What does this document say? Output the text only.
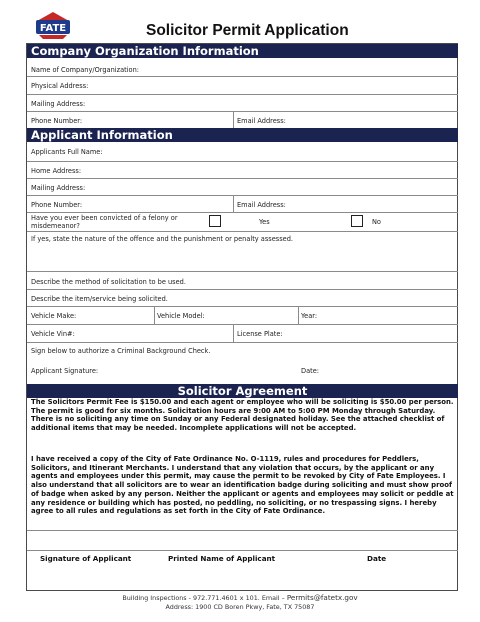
FATE	Solicitor Permit Application
Company Organization Information
Name of Company/Organization:
Physical Address:
Mailing Address:
Phone Number:	Email Address:
Applicant Information
Applicants Full Name:
Home Address:
Mailing Address:
Phone Number:	Email Address:
Have you ever been convicted of a felony or
misdemeanor?	Yes	No
If yes, state the nature of the offence and the punishment or penalty assessed.
Describe the method of solicitation to be used.
Describe the item/service being solicited.
Vehicle Make:	Vehicle Model:	Year:
Vehicle Vin#:	License Plate:
Sign below to authorize a Criminal Background Check.
Applicant Signature:	Date:
Solicitor Agreement
The Solicitors Permit Fee is $150.00 and each agent or employee who will be soliciting is $50.00 per person. The permit is good for six months. Solicitation hours are 9:00 AM to 5:00 PM Monday through Saturday. There is no soliciting any time on Sunday or any Federal designated holiday. See the attached checklist of additional items that may be needed. Incomplete applications will not be accepted.
I have received a copy of the City of Fate Ordinance No. O-1119, rules and procedures for Peddlers, Solicitors, and Itinerant Merchants. I understand that any violation that occurs, by the applicant or any agents and employees under this permit, may cause the permit to be revoked by City of Fate Employees. I also understand that all solicitors are to wear an identification badge during soliciting and must show proof of badge when asked by any person. Neither the applicant or agents and employees may solicit or peddle at any residence or building which has posted, no peddling, no soliciting, or no trespassing signs. I hereby agree to all rules and regulations as set forth in the City of Fate Ordinance.
Signature of Applicant	Printed Name of Applicant	Date
Building Inspections - 972.771.4601 x 101. Email – Permits@fatetx.gov
Address: 1900 CD Boren Pkwy, Fate, TX 75087
